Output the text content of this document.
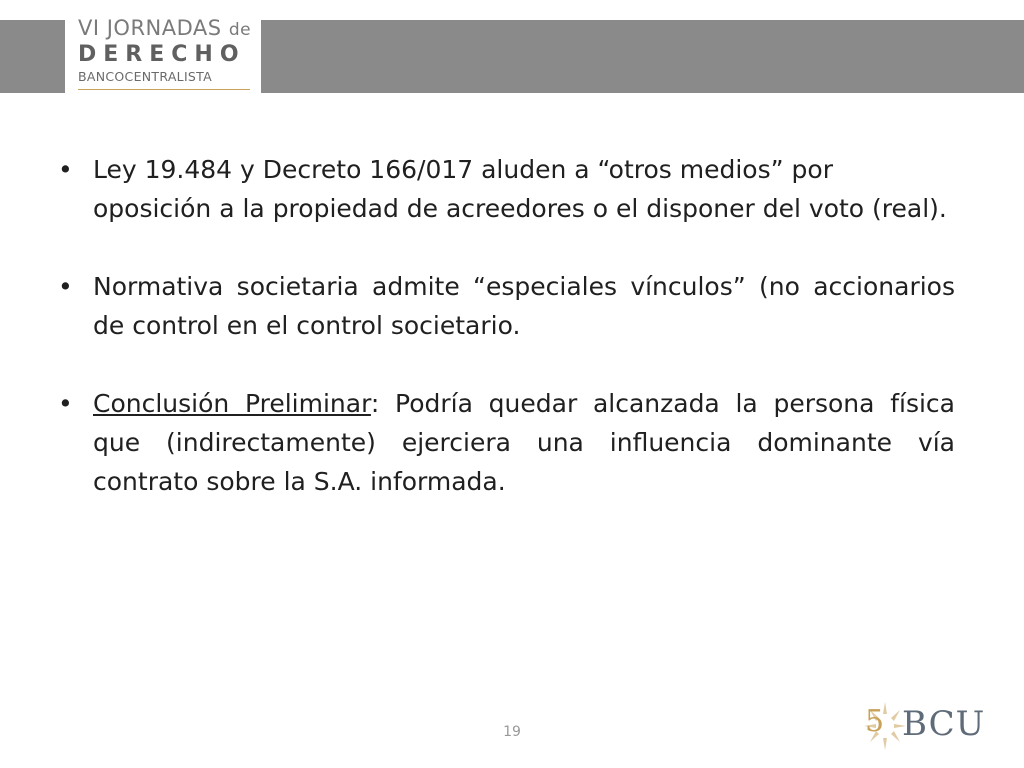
VI JORNADAS de
DERECHO
BANCOCENTRALISTA
• Ley 19.484 y Decreto 166/017 aluden a “otros medios” por oposición a la propiedad de acreedores o el disponer del voto (real).
• Normativa societaria admite “especiales vínculos” (no accionarios de control en el control societario.
• Conclusión Preliminar: Podría quedar alcanzada la persona física que (indirectamente) ejerciera una influencia dominante vía contrato sobre la S.A. informada.
19	5 BCU
